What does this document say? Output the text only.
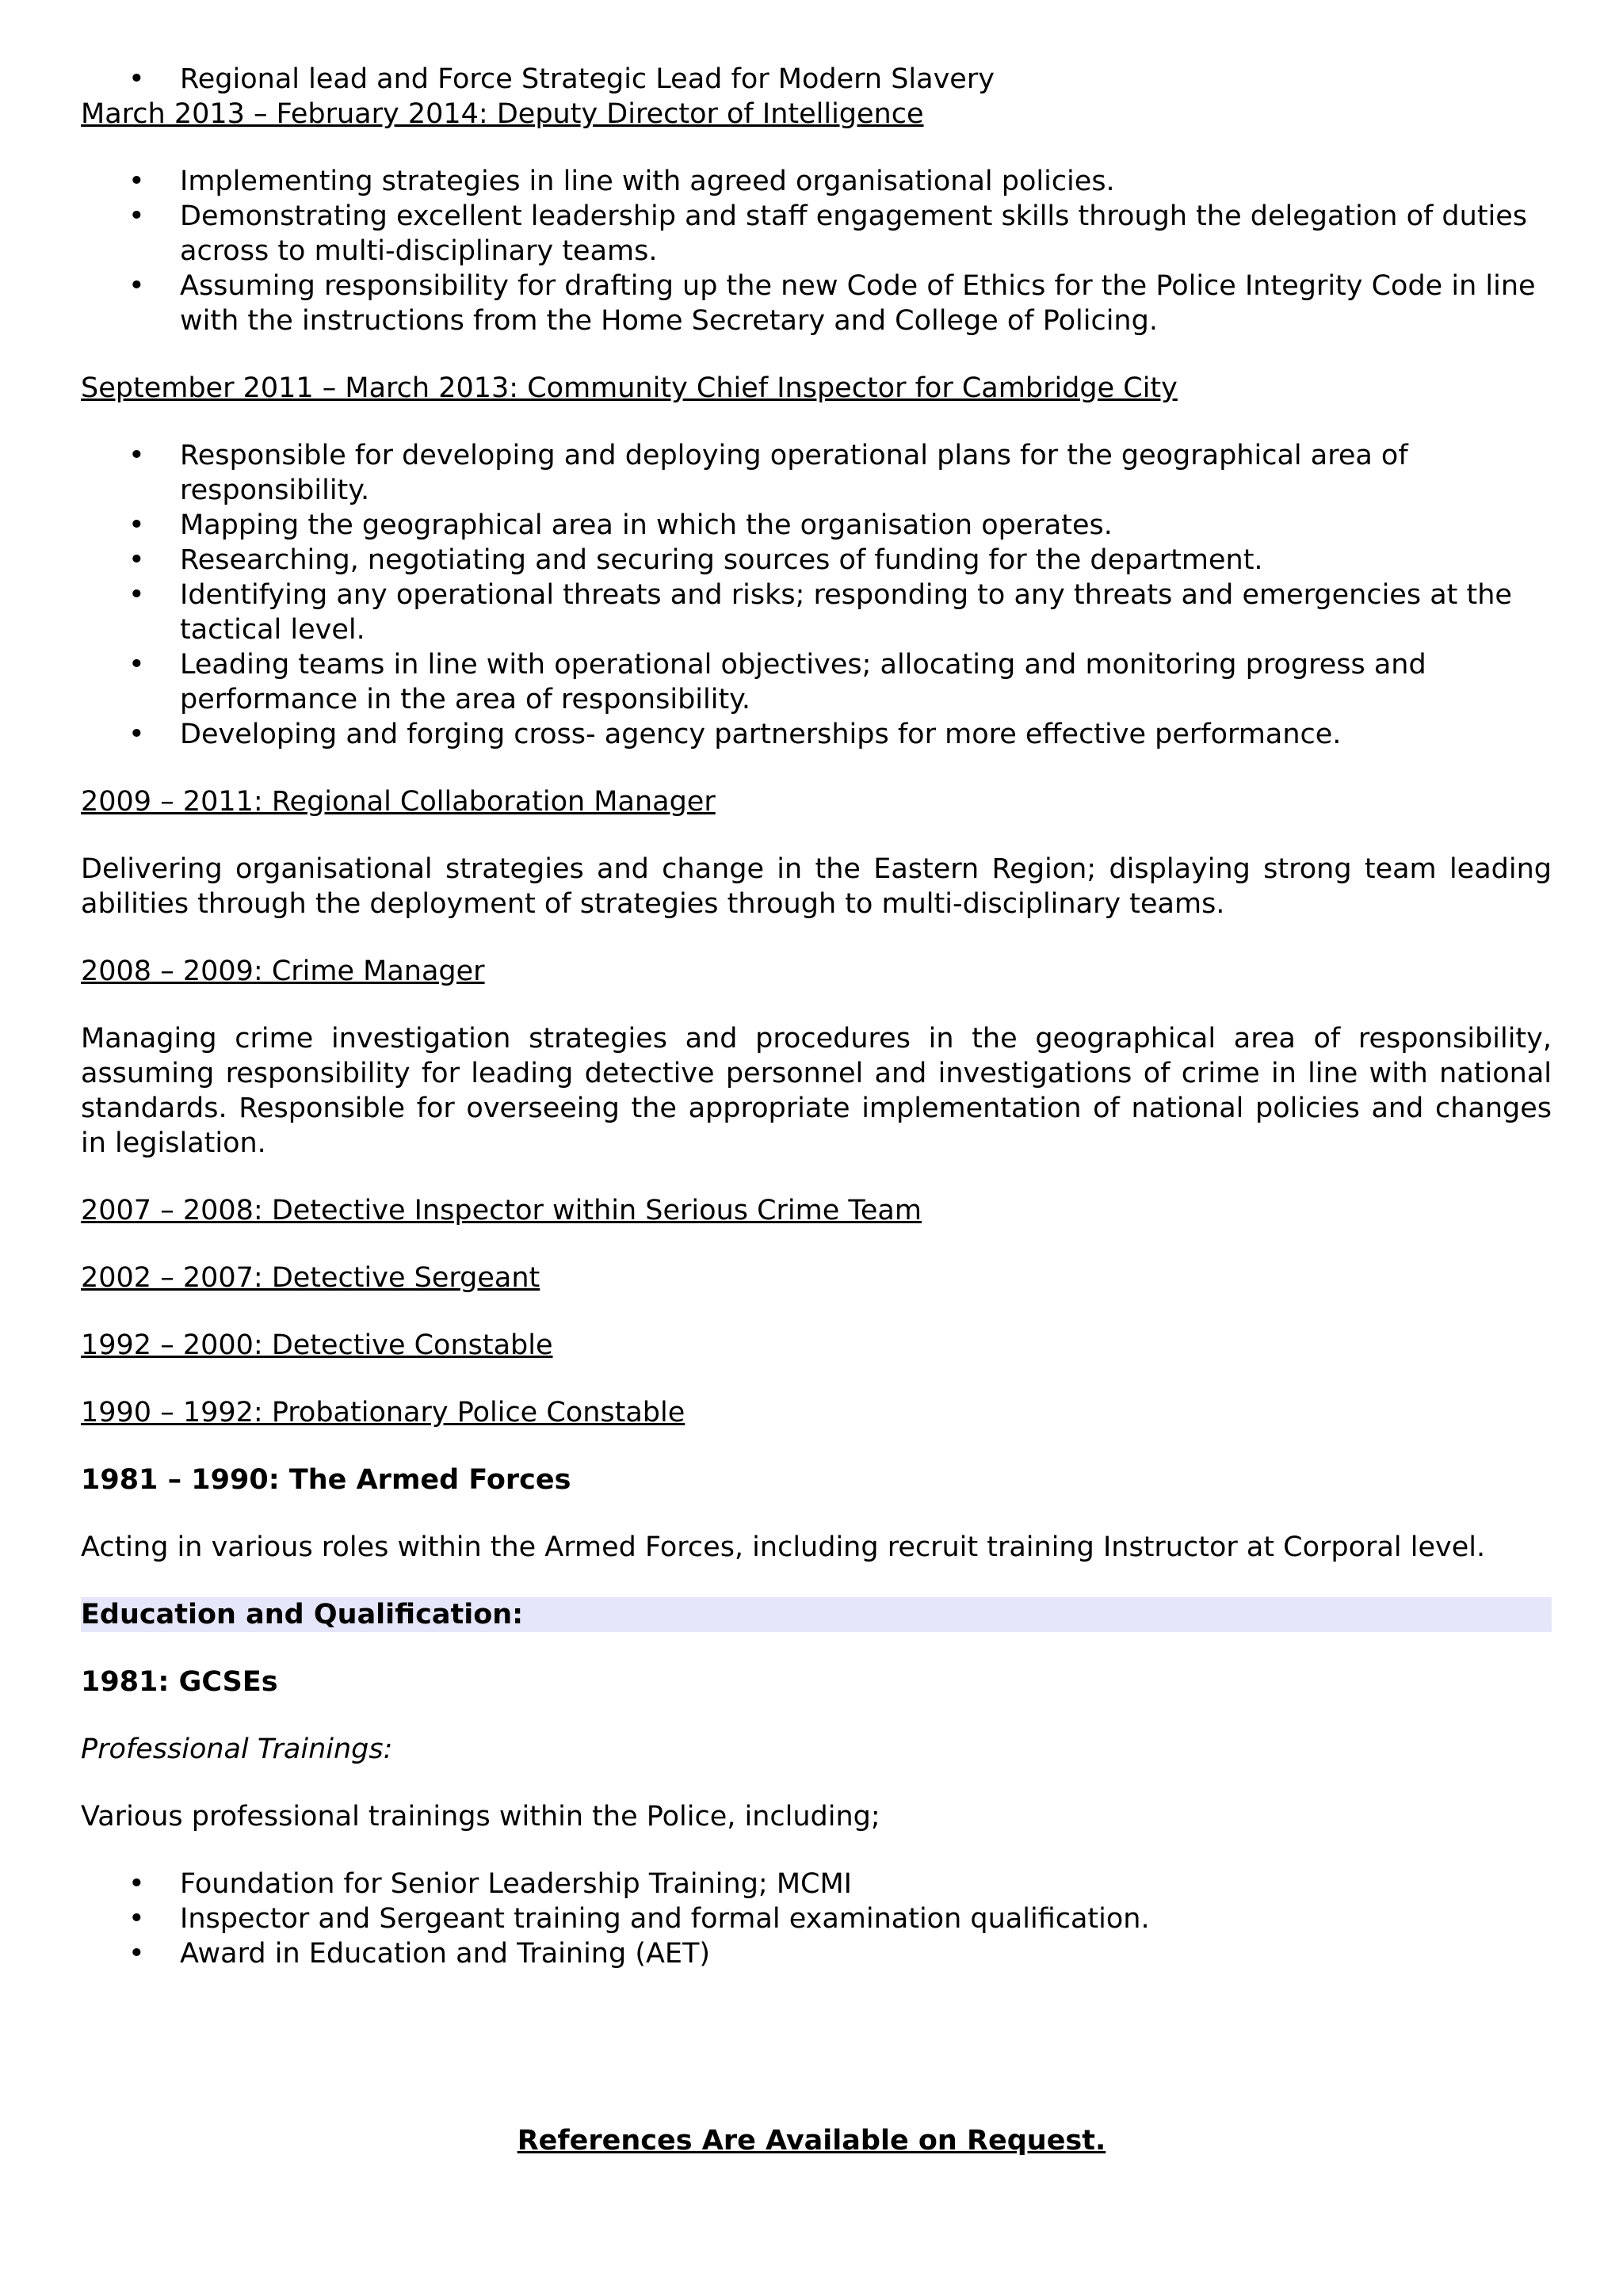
• Regional lead and Force Strategic Lead for Modern Slavery

March 2013 – February 2014: Deputy Director of Intelligence

• Implementing strategies in line with agreed organisational policies.
• Demonstrating excellent leadership and staff engagement skills through the delegation of duties across to multi-disciplinary teams.
• Assuming responsibility for drafting up the new Code of Ethics for the Police Integrity Code in line with the instructions from the Home Secretary and College of Policing.

September 2011 – March 2013: Community Chief Inspector for Cambridge City

• Responsible for developing and deploying operational plans for the geographical area of responsibility.
• Mapping the geographical area in which the organisation operates.
• Researching, negotiating and securing sources of funding for the department.
• Identifying any operational threats and risks; responding to any threats and emergencies at the tactical level.
• Leading teams in line with operational objectives; allocating and monitoring progress and performance in the area of responsibility.
• Developing and forging cross- agency partnerships for more effective performance.

2009 – 2011: Regional Collaboration Manager

Delivering organisational strategies and change in the Eastern Region; displaying strong team leading abilities through the deployment of strategies through to multi-disciplinary teams.

2008 – 2009: Crime Manager

Managing crime investigation strategies and procedures in the geographical area of responsibility, assuming responsibility for leading detective personnel and investigations of crime in line with national standards. Responsible for overseeing the appropriate implementation of national policies and changes in legislation.

2007 – 2008: Detective Inspector within Serious Crime Team

2002 – 2007: Detective Sergeant

1992 – 2000: Detective Constable

1990 – 1992: Probationary Police Constable

1981 – 1990: The Armed Forces

Acting in various roles within the Armed Forces, including recruit training Instructor at Corporal level.

Education and Qualification:

1981: GCSEs

Professional Trainings:

Various professional trainings within the Police, including;

• Foundation for Senior Leadership Training; MCMI
• Inspector and Sergeant training and formal examination qualification.
• Award in Education and Training (AET)

References Are Available on Request.
